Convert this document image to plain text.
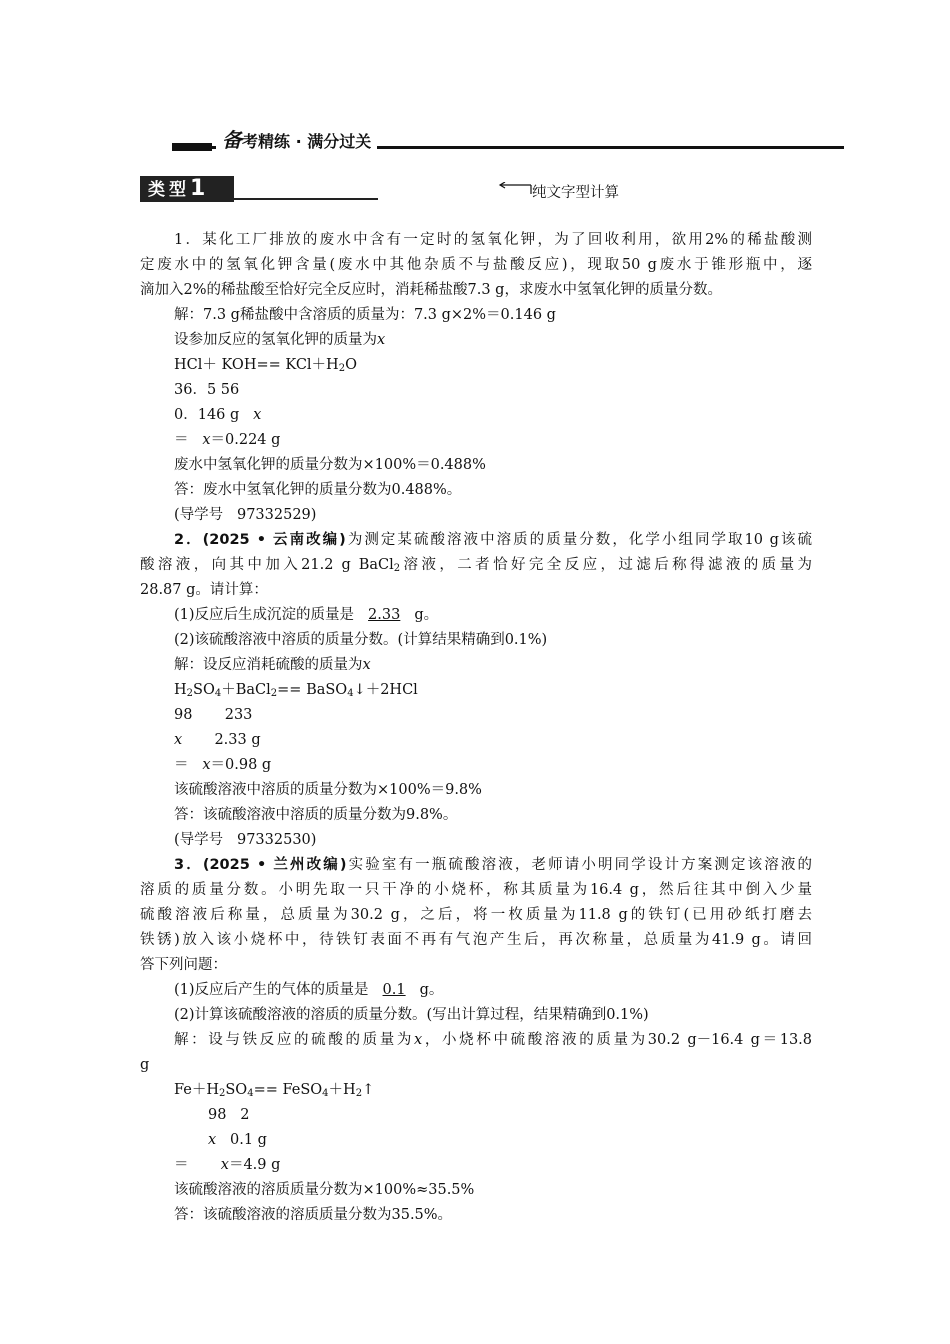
备考精练 · 满分过关
类型1	纯文字型计算
1．某化工厂排放的废水中含有一定时的氢氧化钾，为了回收利用，欲用2%的稀盐酸测
定废水中的氢氧化钾含量(废水中其他杂质不与盐酸反应)，现取50 g废水于锥形瓶中，逐
滴加入2%的稀盐酸至恰好完全反应时，消耗稀盐酸7.3 g，求废水中氢氧化钾的质量分数。
解：7.3 g稀盐酸中含溶质的质量为：7.3 g×2%＝0.146 g
设参加反应的氢氧化钾的质量为x
$HCl+ KOH== KCl+H_2O$
36．5 56
0．146 g   x
＝   x＝0.224 g
废水中氢氧化钾的质量分数为×100%＝0.488%
答：废水中氢氧化钾的质量分数为0.488%。
(导学号   97332529)
2．(2025 • 云南改编)为测定某硫酸溶液中溶质的质量分数，化学小组同学取10 g该硫
酸溶液，向其中加入21.2 g BaCl$_2$溶液，二者恰好完全反应，过滤后称得滤液的质量为
28.87 g。请计算：
(1)反应后生成沉淀的质量是 2.33 g。
(2)该硫酸溶液中溶质的质量分数。(计算结果精确到0.1%)
解：设反应消耗硫酸的质量为x
$H_2SO_4+BaCl_2==$ BaSO$_4$↓＋2HCl
98       233
x       2.33 g
＝   x＝0.98 g
该硫酸溶液中溶质的质量分数为×100%＝9.8%
答：该硫酸溶液中溶质的质量分数为9.8%。
(导学号   97332530)
3．(2025 • 兰州改编)实验室有一瓶硫酸溶液，老师请小明同学设计方案测定该溶液的
溶质的质量分数。小明先取一只干净的小烧杯，称其质量为16.4 g，然后往其中倒入少量
硫酸溶液后称量，总质量为30.2 g，之后，将一枚质量为11.8 g的铁钉(已用砂纸打磨去
铁锈)放入该小烧杯中，待铁钉表面不再有气泡产生后，再次称量，总质量为41.9 g。请回
答下列问题：
(1)反应后产生的气体的质量是 0.1 g。
(2)计算该硫酸溶液的溶质的质量分数。(写出计算过程，结果精确到0.1%)
解：设与铁反应的硫酸的质量为x，小烧杯中硫酸溶液的质量为30.2 g－16.4 g＝13.8
g
$Fe+H_2SO_4==$ $FeSO_4+H_2↑$
98   2
x   0.1 g
＝       x＝4.9 g
该硫酸溶液的溶质质量分数为×100%≈35.5%
答：该硫酸溶液的溶质质量分数为35.5%。
